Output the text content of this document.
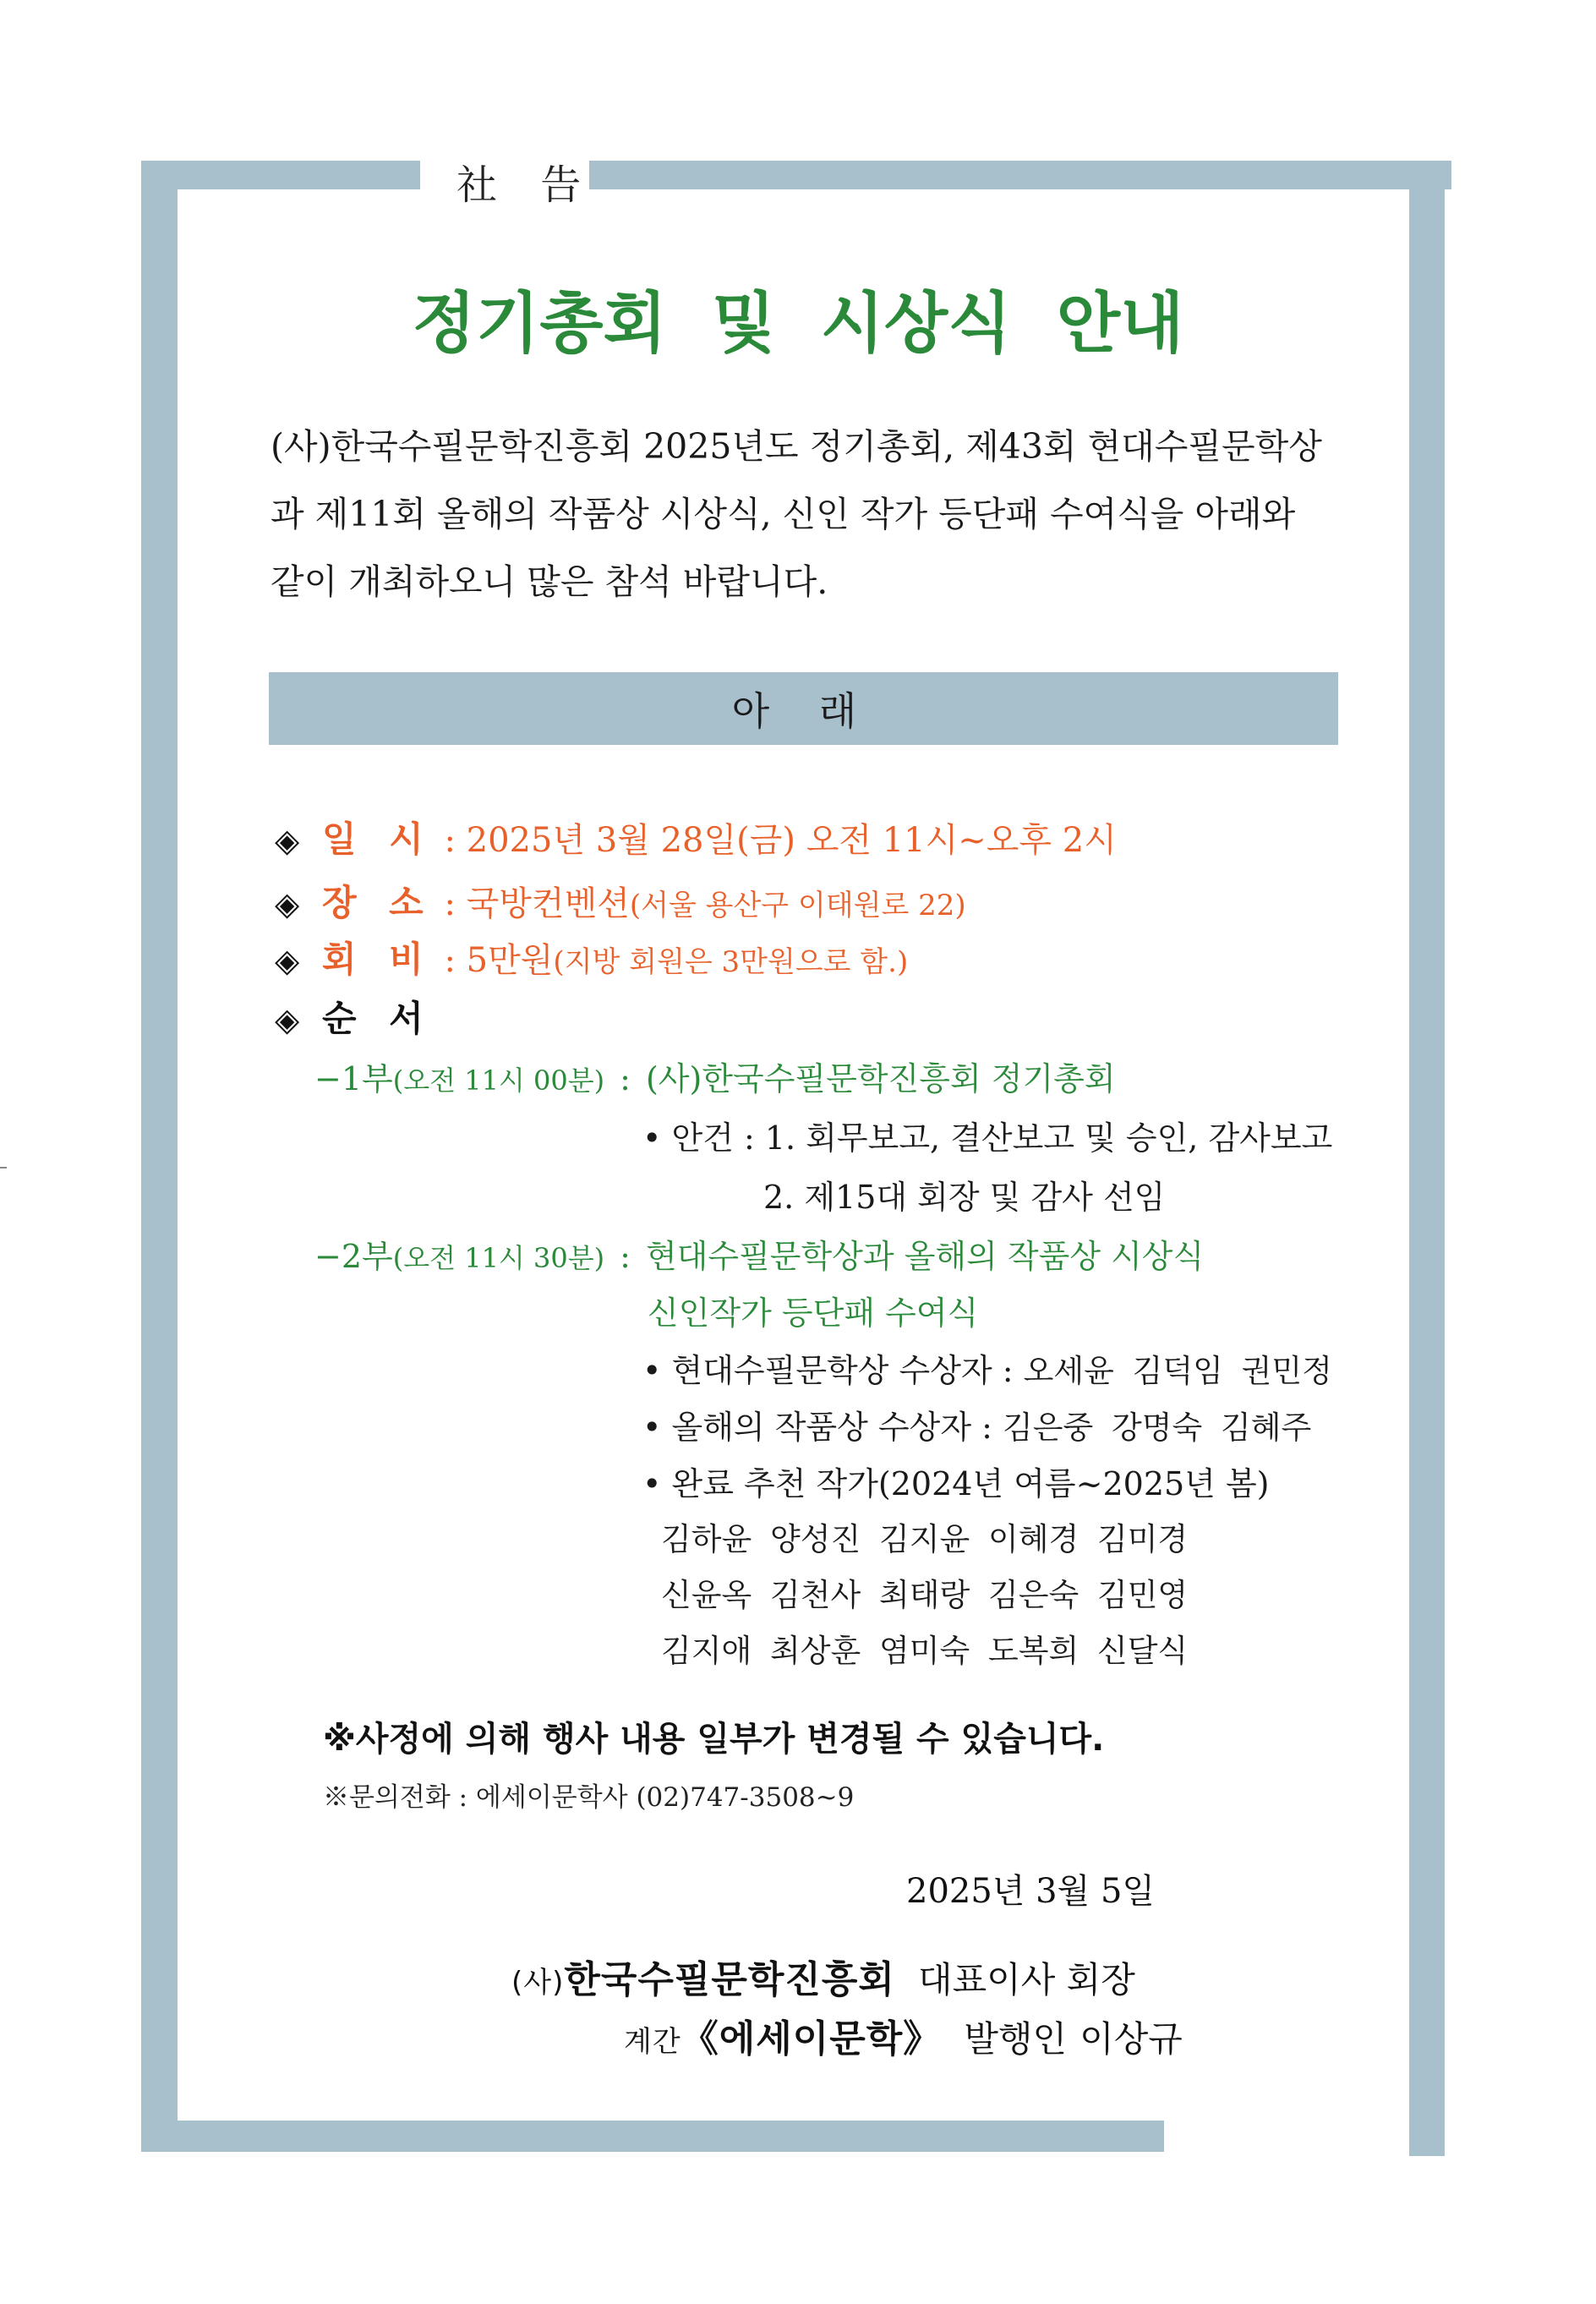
社 告
정기총회 및 시상식 안내
(사)한국수필문학진흥회 2025년도 정기총회, 제43회 현대수필문학상
과 제11회 올해의 작품상 시상식, 신인 작가 등단패 수여식을 아래와
같이 개최하오니 많은 참석 바랍니다.
아 래
◈ 일 시 : 2025년 3월 28일(금) 오전 11시~오후 2시
◈ 장 소 : 국방컨벤션(서울 용산구 이태원로 22)
◈ 회 비 : 5만원(지방 회원은 3만원으로 함.)
◈ 순 서
−1부(오전 11시 00분) : (사)한국수필문학진흥회 정기총회
• 안건 : 1. 회무보고, 결산보고 및 승인, 감사보고
2. 제15대 회장 및 감사 선임
−2부(오전 11시 30분) : 현대수필문학상과 올해의 작품상 시상식
신인작가 등단패 수여식
• 현대수필문학상 수상자 : 오세윤 김덕임 권민정
• 올해의 작품상 수상자 : 김은중 강명숙 김혜주
• 완료 추천 작가(2024년 여름~2025년 봄)
김하윤 양성진 김지윤 이혜경 김미경
신윤옥 김천사 최태랑 김은숙 김민영
김지애 최상훈 염미숙 도복희 신달식
※사정에 의해 행사 내용 일부가 변경될 수 있습니다.
※문의전화 : 에세이문학사 (02)747-3508~9
2025년 3월 5일
(사)한국수필문학진흥회 대표이사 회장
계간《에세이문학》 발행인 이상규
